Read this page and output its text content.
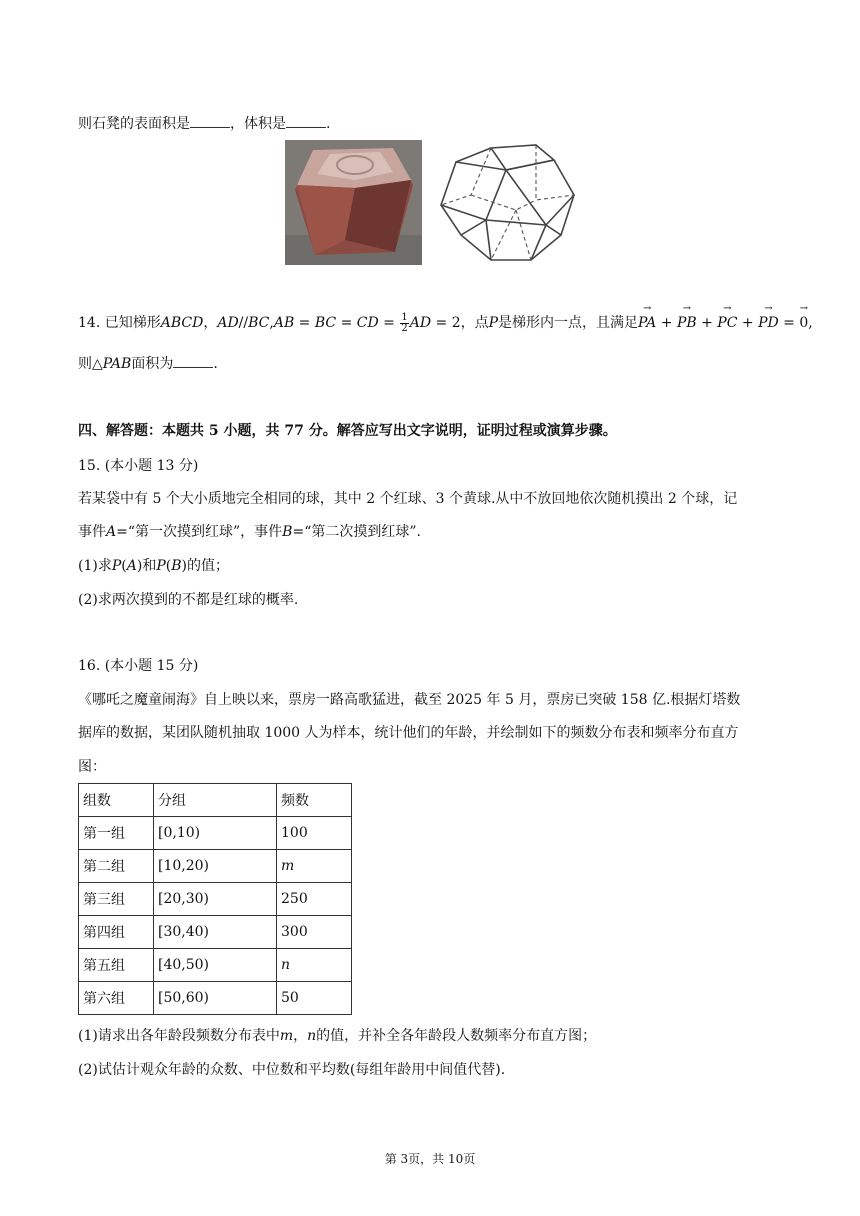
则石凳的表面积是	，体积是	.
14. 已知梯形ABCD，AD//BC,AB = BC = CD = $\frac{1}{2}$ AD = 2，点P是梯形内一点，且满足→ PA + → PB + → PC + → PD = → 0,
则△PAB面积为	.
四、解答题：本题共 5 小题，共 77 分。解答应写出文字说明，证明过程或演算步骤。
15. (本小题 13 分)
若某袋中有 5 个大小质地完全相同的球，其中 2 个红球、3 个黄球.从中不放回地依次随机摸出 2 个球，记
事件A=“第一次摸到红球”，事件B=“第二次摸到红球”.
(1)求P(A)和P(B)的值；
(2)求两次摸到的不都是红球的概率.
16. (本小题 15 分)
《哪吒之魔童闹海》自上映以来，票房一路高歌猛进，截至 2025 年 5 月，票房已突破 158 亿.根据灯塔数
据库的数据，某团队随机抽取 1000 人为样本，统计他们的年龄，并绘制如下的频数分布表和频率分布直方
图：
组数	分组	频数
第一组	[0,10)	100
第二组	[10,20)	m
第三组	[20,30)	250
第四组	[30,40)	300
第五组	[40,50)	n
第六组	[50,60)	50
(1)请求出各年龄段频数分布表中m，n的值，并补全各年龄段人数频率分布直方图；
(2)试估计观众年龄的众数、中位数和平均数(每组年龄用中间值代替).
第 3页，共 10页
